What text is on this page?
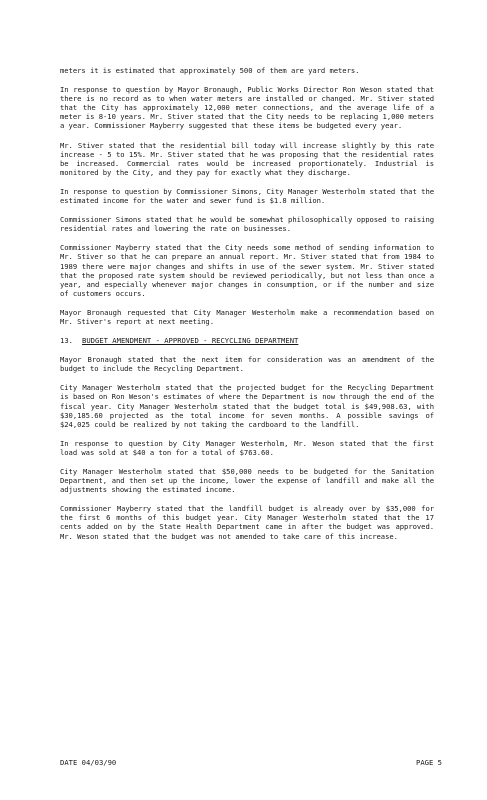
meters it is estimated that approximately 500 of them are yard meters.

In response to question by Mayor Bronaugh, Public Works Director Ron Weson stated that there is no record as to when water meters are installed or changed. Mr. Stiver stated that the City has approximately 12,000 meter connections, and the average life of a meter is 8-10 years. Mr. Stiver stated that the City needs to be replacing 1,000 meters a year. Commissioner Mayberry suggested that these items be budgeted every year.

Mr. Stiver stated that the residential bill today will increase slightly by this rate increase - 5 to 15%. Mr. Stiver stated that he was proposing that the residential rates be increased. Commercial rates would be increased proportionately. Industrial is monitored by the City, and they pay for exactly what they discharge.

In response to question by Commissioner Simons, City Manager Westerholm stated that the estimated income for the water and sewer fund is $1.8 million.

Commissioner Simons stated that he would be somewhat philosophically opposed to raising residential rates and lowering the rate on businesses.

Commissioner Mayberry stated that the City needs some method of sending information to Mr. Stiver so that he can prepare an annual report. Mr. Stiver stated that from 1984 to 1989 there were major changes and shifts in use of the sewer system. Mr. Stiver stated that the proposed rate system should be reviewed periodically, but not less than once a year, and especially whenever major changes in consumption, or if the number and size of customers occurs.

Mayor Bronaugh requested that City Manager Westerholm make a recommendation based on Mr. Stiver's report at next meeting.

13. BUDGET AMENDMENT - APPROVED - RECYCLING DEPARTMENT

Mayor Bronaugh stated that the next item for consideration was an amendment of the budget to include the Recycling Department.

City Manager Westerholm stated that the projected budget for the Recycling Department is based on Ron Weson's estimates of where the Department is now through the end of the fiscal year. City Manager Westerholm stated that the budget total is $49,908.63, with $30,185.60 projected as the total income for seven months. A possible savings of $24,025 could be realized by not taking the cardboard to the landfill.

In response to question by City Manager Westerholm, Mr. Weson stated that the first load was sold at $40 a ton for a total of $763.60.

City Manager Westerholm stated that $50,000 needs to be budgeted for the Sanitation Department, and then set up the income, lower the expense of landfill and make all the adjustments showing the estimated income.

Commissioner Mayberry stated that the landfill budget is already over by $35,000 for the first 6 months of this budget year. City Manager Westerholm stated that the 17 cents added on by the State Health Department came in after the budget was approved. Mr. Weson stated that the budget was not amended to take care of this increase.

DATE 04/03/90	PAGE 5
